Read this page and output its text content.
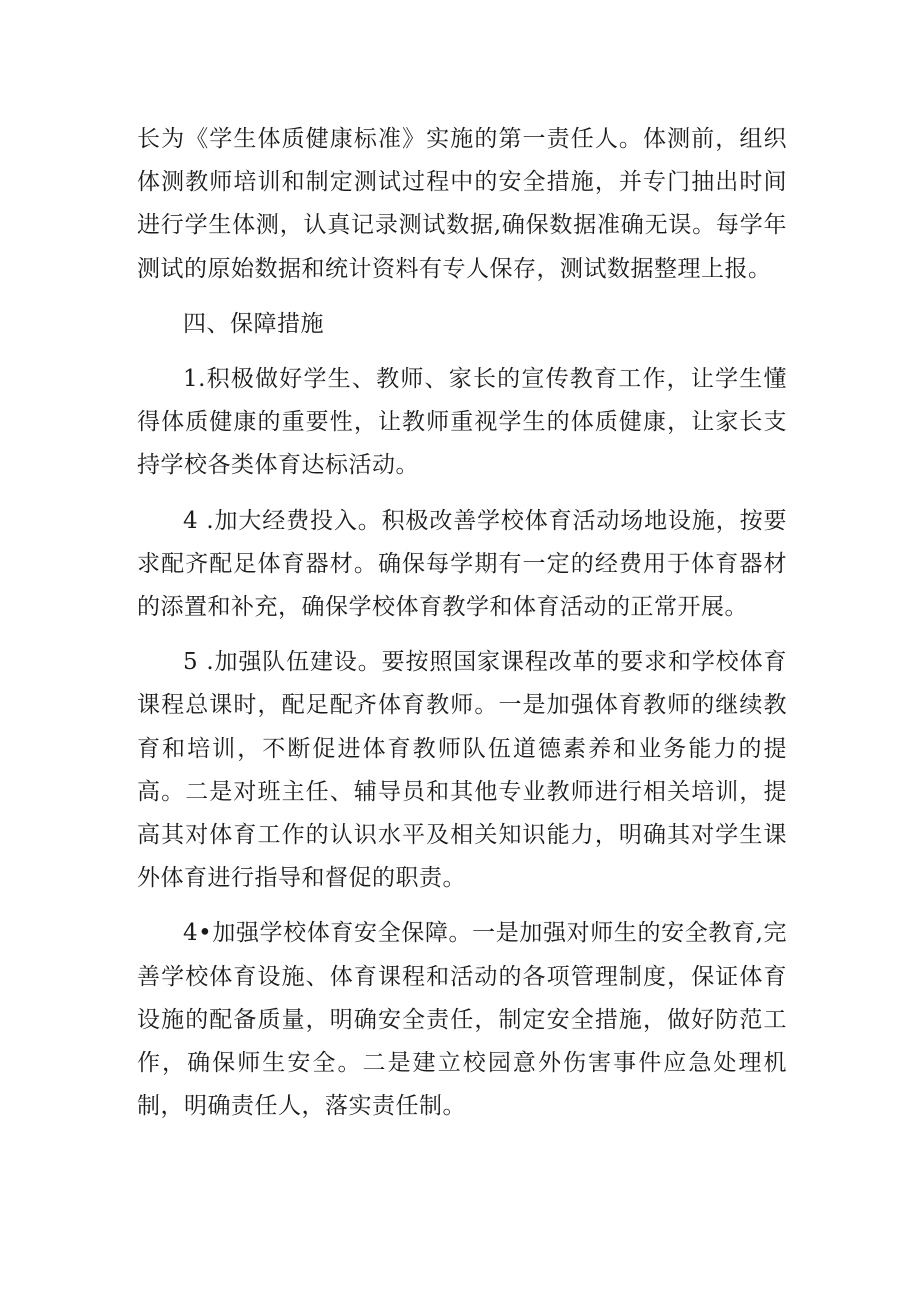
长为《学生体质健康标准》实施的第一责任人。体测前，组织体测教师培训和制定测试过程中的安全措施，并专门抽出时间进行学生体测，认真记录测试数据,确保数据准确无误。每学年测试的原始数据和统计资料有专人保存，测试数据整理上报。

四、保障措施

1.积极做好学生、教师、家长的宣传教育工作，让学生懂得体质健康的重要性，让教师重视学生的体质健康，让家长支持学校各类体育达标活动。

4 .加大经费投入。积极改善学校体育活动场地设施，按要求配齐配足体育器材。确保每学期有一定的经费用于体育器材的添置和补充，确保学校体育教学和体育活动的正常开展。

5 .加强队伍建设。要按照国家课程改革的要求和学校体育课程总课时，配足配齐体育教师。一是加强体育教师的继续教育和培训，不断促进体育教师队伍道德素养和业务能力的提高。二是对班主任、辅导员和其他专业教师进行相关培训，提高其对体育工作的认识水平及相关知识能力，明确其对学生课外体育进行指导和督促的职责。

4•加强学校体育安全保障。一是加强对师生的安全教育,完善学校体育设施、体育课程和活动的各项管理制度，保证体育设施的配备质量，明确安全责任，制定安全措施，做好防范工作，确保师生安全。二是建立校园意外伤害事件应急处理机制，明确责任人，落实责任制。
